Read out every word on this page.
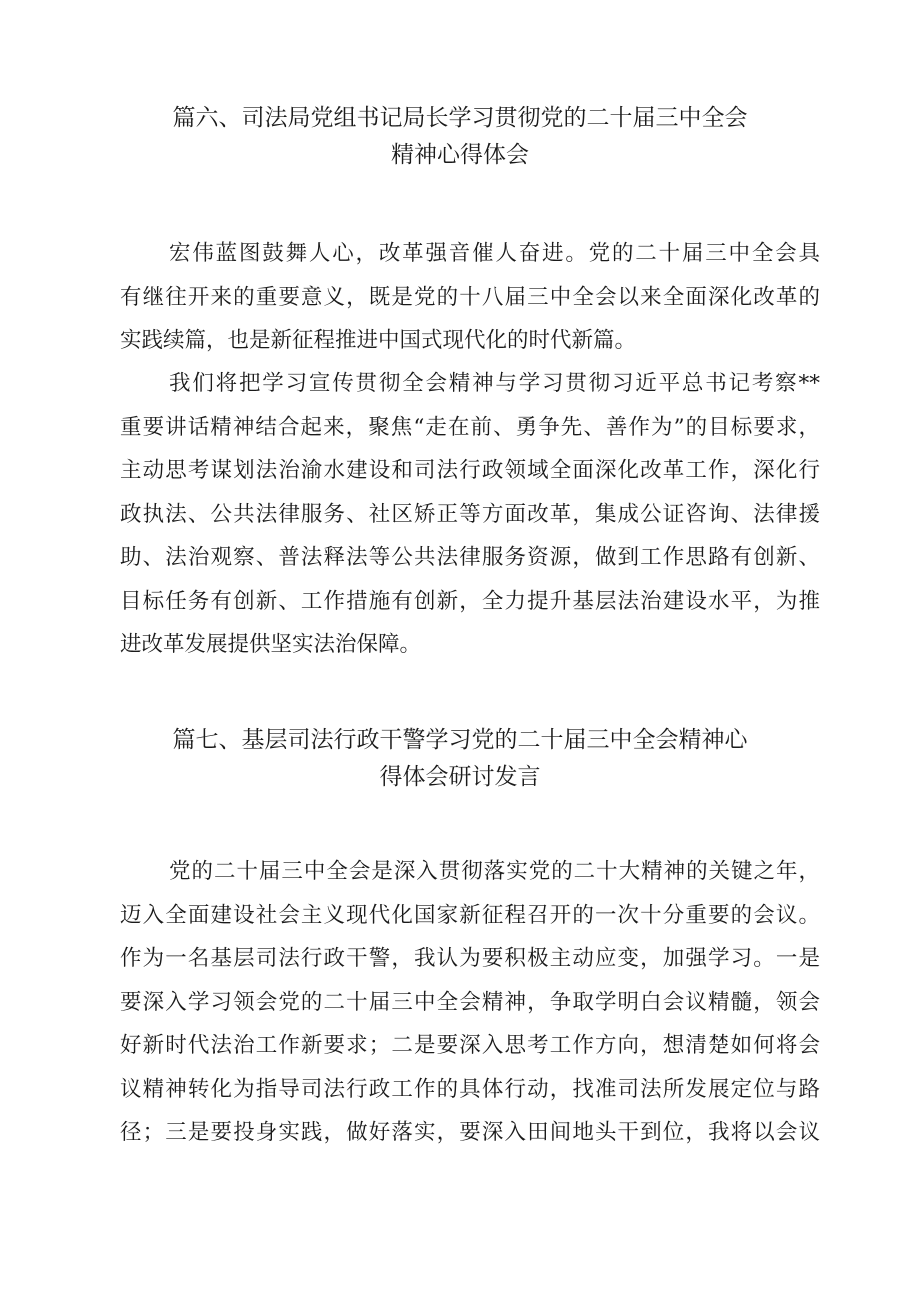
篇六、司法局党组书记局长学习贯彻党的二十届三中全会
精神心得体会
宏伟蓝图鼓舞人心，改革强音催人奋进。党的二十届三中全会具
有继往开来的重要意义，既是党的十八届三中全会以来全面深化改革的
实践续篇，也是新征程推进中国式现代化的时代新篇。
我们将把学习宣传贯彻全会精神与学习贯彻习近平总书记考察**
重要讲话精神结合起来，聚焦“走在前、勇争先、善作为”的目标要求，
主动思考谋划法治渝水建设和司法行政领域全面深化改革工作，深化行
政执法、公共法律服务、社区矫正等方面改革，集成公证咨询、法律援
助、法治观察、普法释法等公共法律服务资源，做到工作思路有创新、
目标任务有创新、工作措施有创新，全力提升基层法治建设水平，为推
进改革发展提供坚实法治保障。
篇七、基层司法行政干警学习党的二十届三中全会精神心
得体会研讨发言
党的二十届三中全会是深入贯彻落实党的二十大精神的关键之年，
迈入全面建设社会主义现代化国家新征程召开的一次十分重要的会议。
作为一名基层司法行政干警，我认为要积极主动应变，加强学习。一是
要深入学习领会党的二十届三中全会精神，争取学明白会议精髓，领会
好新时代法治工作新要求；二是要深入思考工作方向，想清楚如何将会
议精神转化为指导司法行政工作的具体行动，找准司法所发展定位与路
径；三是要投身实践，做好落实，要深入田间地头干到位，我将以会议
